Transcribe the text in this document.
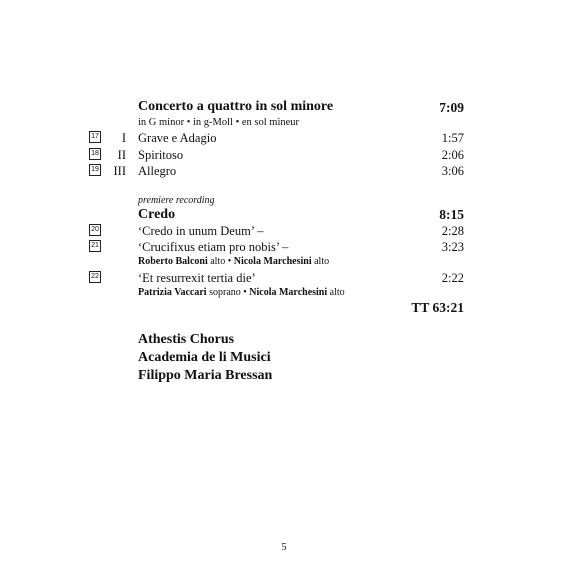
Concerto a quattro in sol minore	7:09
in G minor • in g-Moll • en sol mineur
17	I Grave e Adagio	1:57
18	II Spiritoso	2:06
19	III Allegro	3:06
premiere recording
Credo	8:15
20	‘Credo in unum Deum’ –	2:28
21	‘Crucifixus etiam pro nobis’ –	3:23
Roberto Balconi alto • Nicola Marchesini alto
22	‘Et resurrexit tertia die’	2:22
Patrizia Vaccari soprano • Nicola Marchesini alto
TT 63:21
Athestis Chorus
Academia de li Musici
Filippo Maria Bressan
5
